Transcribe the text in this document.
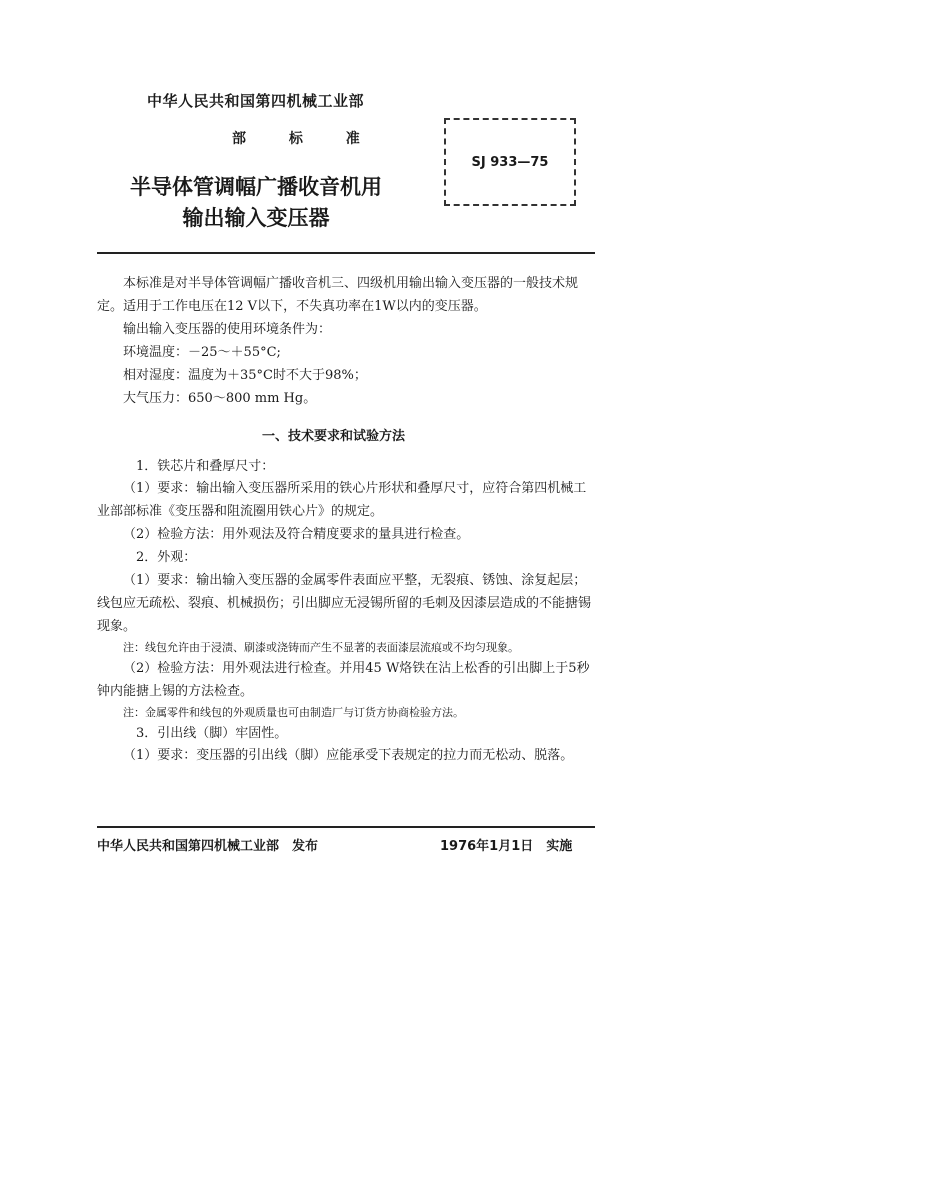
中华人民共和国第四机械工业部
部 标 准
半导体管调幅广播收音机用
输出输入变压器
SJ 933—75
本标准是对半导体管调幅广播收音机三、四级机用输出输入变压器的一般技术规定。适用于工作电压在12 V以下，不失真功率在1W以内的变压器。
输出输入变压器的使用环境条件为：
环境温度：－25～＋55°C;
相对湿度：温度为＋35°C时不大于98%；
大气压力：650～800 mm Hg。
一、技术要求和试验方法
1．铁芯片和叠厚尺寸：
（1）要求：输出输入变压器所采用的铁心片形状和叠厚尺寸，应符合第四机械工业部部标准《变压器和阻流圈用铁心片》的规定。
（2）检验方法：用外观法及符合精度要求的量具进行检查。
2．外观：
（1）要求：输出输入变压器的金属零件表面应平整，无裂痕、锈蚀、涂复起层；线包应无疏松、裂痕、机械损伤；引出脚应无浸锡所留的毛刺及因漆层造成的不能搪锡现象。
注：线包允许由于浸渍、刷漆或浇铸而产生不显著的表面漆层流痕或不均匀现象。
（2）检验方法：用外观法进行检查。并用45 W烙铁在沾上松香的引出脚上于5秒钟内能搪上锡的方法检查。
注：金属零件和线包的外观质量也可由制造厂与订货方协商检验方法。
3．引出线（脚）牢固性。
（1）要求：变压器的引出线（脚）应能承受下表规定的拉力而无松动、脱落。
中华人民共和国第四机械工业部　发布	1976年1月1日　实施
